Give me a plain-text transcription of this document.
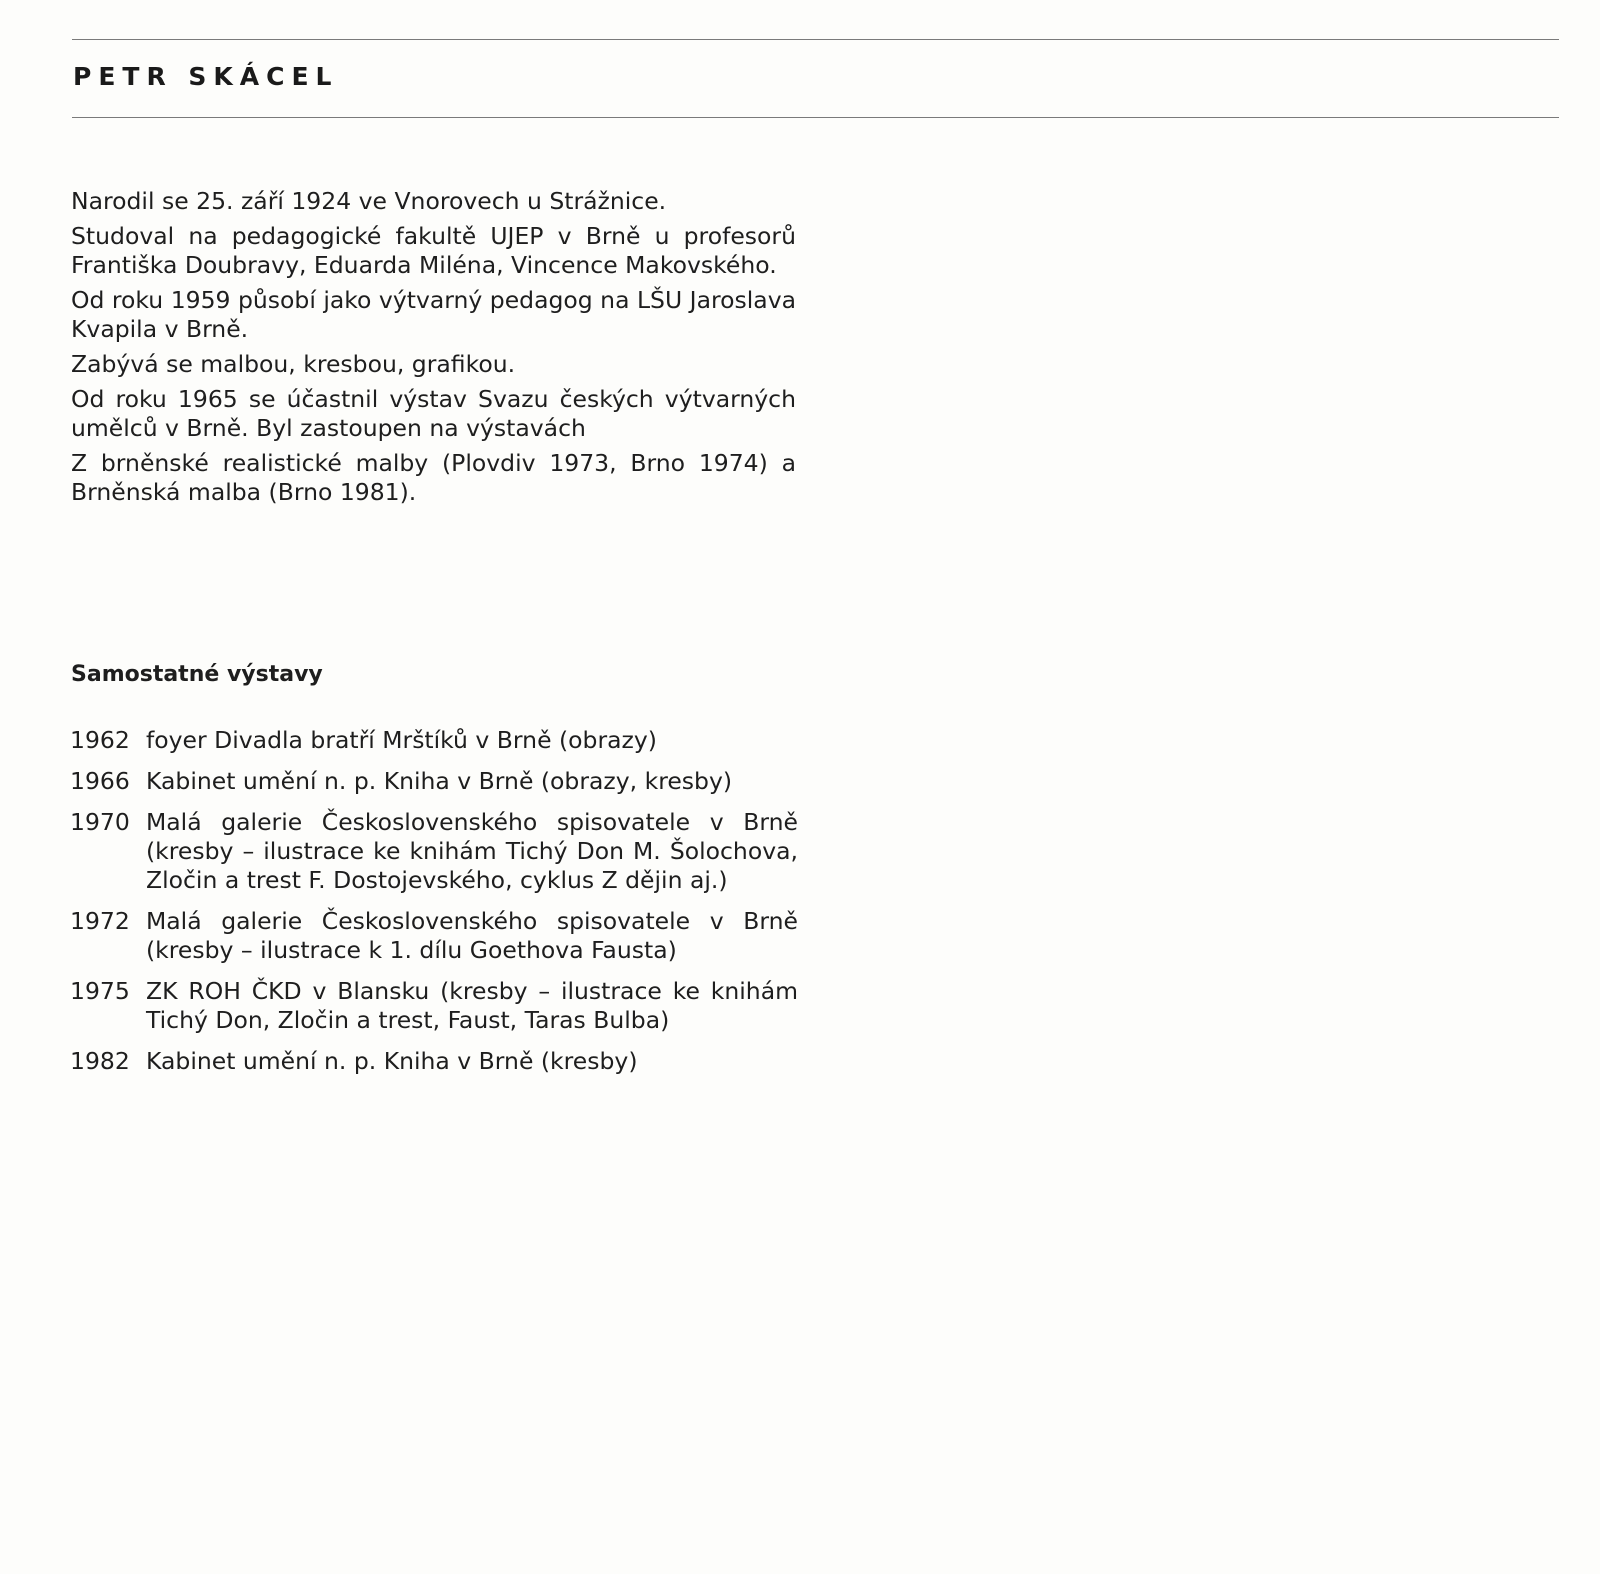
PETR SKÁCEL

Narodil se 25. září 1924 ve Vnorovech u Strážnice.

Studoval na pedagogické fakultě UJEP v Brně u profesorů Františka Doubravy, Eduarda Miléna, Vincence Makovského.

Od roku 1959 působí jako výtvarný pedagog na LŠU Jaroslava Kvapila v Brně.

Zabývá se malbou, kresbou, grafikou.

Od roku 1965 se účastnil výstav Svazu českých výtvarných umělců v Brně. Byl zastoupen na výstavách

Z brněnské realistické malby (Plovdiv 1973, Brno 1974) a Brněnská malba (Brno 1981).

Samostatné výstavy
1962 foyer Divadla bratří Mrštíků v Brně (obrazy)
1966 Kabinet umění n. p. Kniha v Brně (obrazy, kresby)
1970 Malá galerie Československého spisovatele v Brně (kresby – ilustrace ke knihám Tichý Don M. Šolochova, Zločin a trest F. Dostojevského, cyklus Z dějin aj.)
1972 Malá galerie Československého spisovatele v Brně (kresby – ilustrace k 1. dílu Goethova Fausta)
1975 ZK ROH ČKD v Blansku (kresby – ilustrace ke knihám Tichý Don, Zločin a trest, Faust, Taras Bulba)
1982 Kabinet umění n. p. Kniha v Brně (kresby)
